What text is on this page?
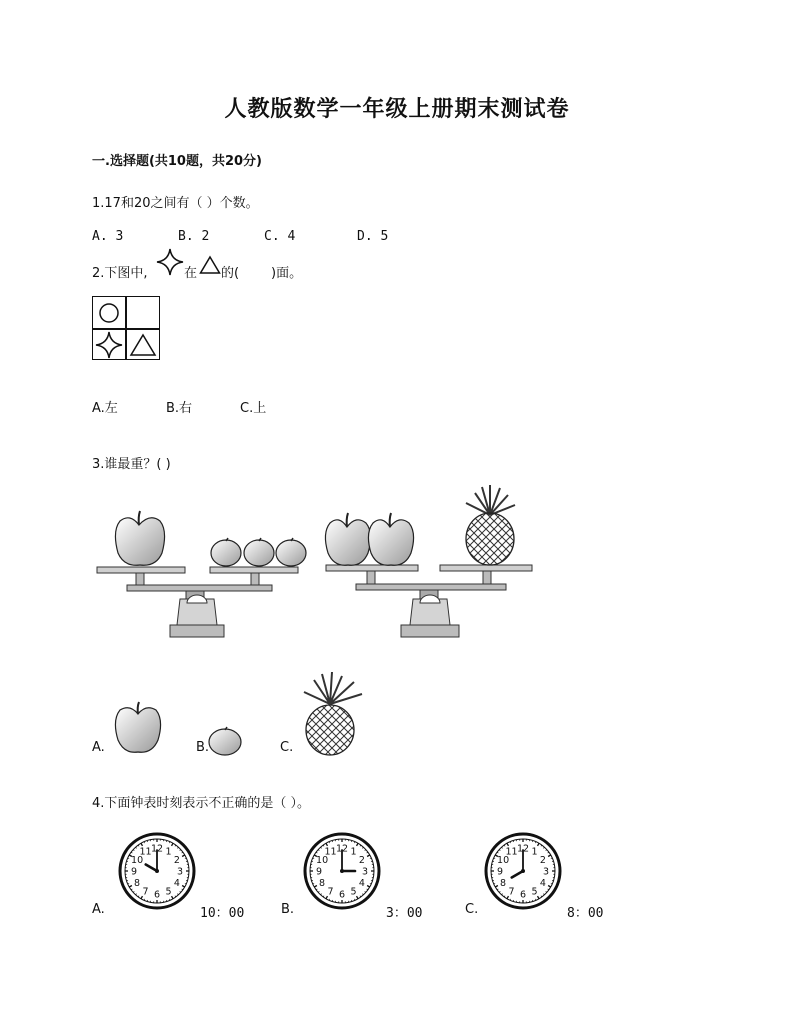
人教版数学一年级上册期末测试卷
一.选择题(共10题，共20分)
1.17和20之间有（ ）个数。
A. 3	B. 2	C. 4	D. 5
2.下图中,	在 的( )面。
A.左	B.右	C.上
3.谁最重？( )
A.	B.	C.
4.下面钟表时刻表示不正确的是（ ）。
A.
12 1
2
3
4
5
6
7
8
9
10
11
10：00	B.
12 1
2
3
4
5
6
7
8
9
10
11
3：00	C.
12 1
2
3
4
5
6
7
8
9
10
11
8：00
